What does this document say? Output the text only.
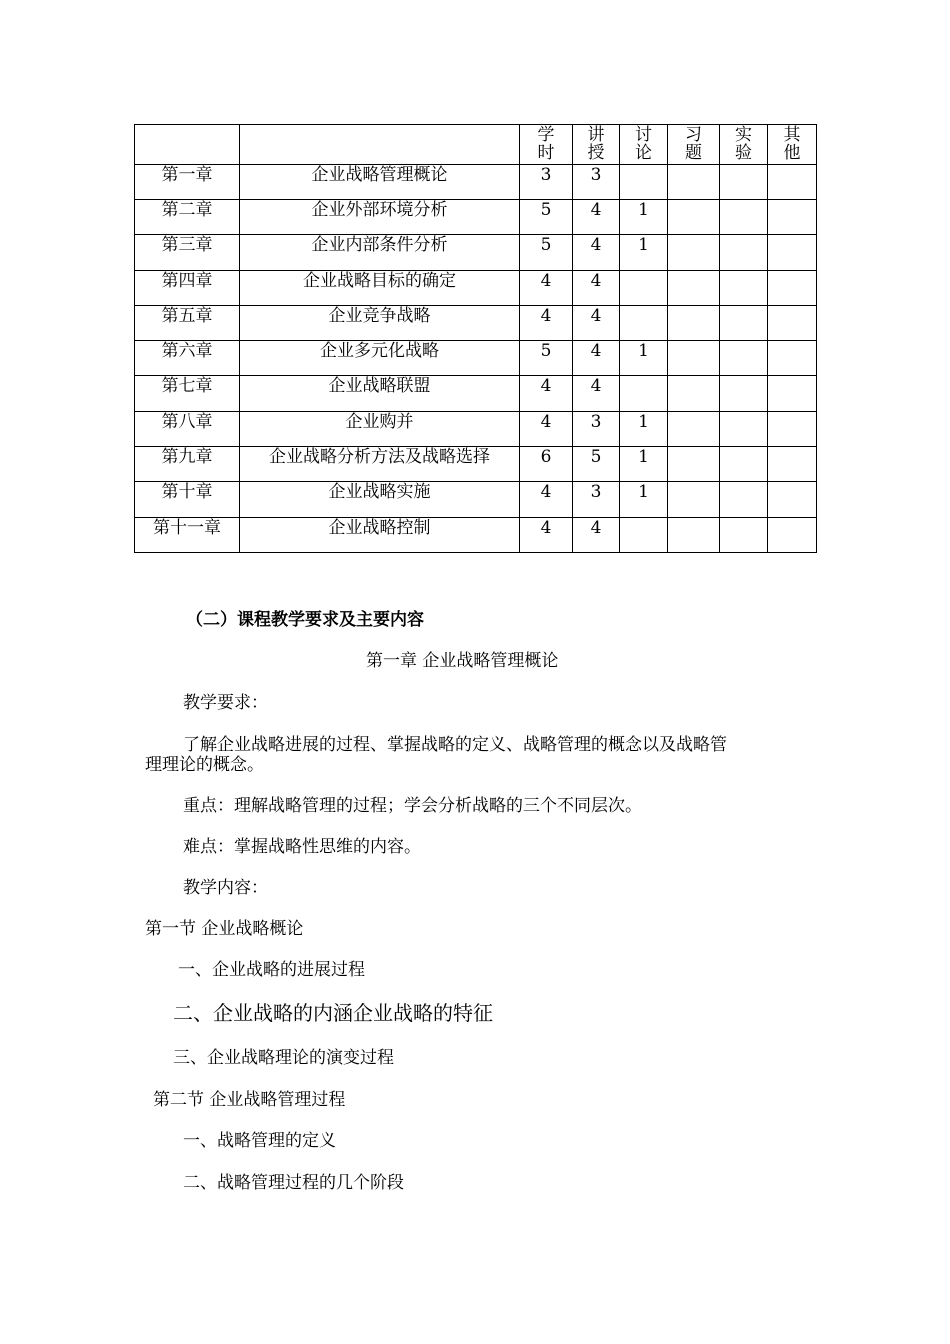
		学时	讲授	讨论	习题	实验	其他
第一章	企业战略管理概论	3	3				
第二章	企业外部环境分析	5	4	1			
第三章	企业内部条件分析	5	4	1			
第四章	企业战略目标的确定	4	4				
第五章	企业竞争战略	4	4				
第六章	企业多元化战略	5	4	1			
第七章	企业战略联盟	4	4				
第八章	企业购并	4	3	1			
第九章	企业战略分析方法及战略选择	6	5	1			
第十章	企业战略实施	4	3	1			
第十一章	企业战略控制	4	4				
（二）课程教学要求及主要内容
第一章 企业战略管理概论
教学要求：
了解企业战略进展的过程、掌握战略的定义、战略管理的概念以及战略管
理理论的概念。
重点：理解战略管理的过程；学会分析战略的三个不同层次。
难点：掌握战略性思维的内容。
教学内容：
第一节 企业战略概论
一、企业战略的进展过程
二、企业战略的内涵企业战略的特征
三、企业战略理论的演变过程
第二节 企业战略管理过程
一、战略管理的定义
二、战略管理过程的几个阶段
